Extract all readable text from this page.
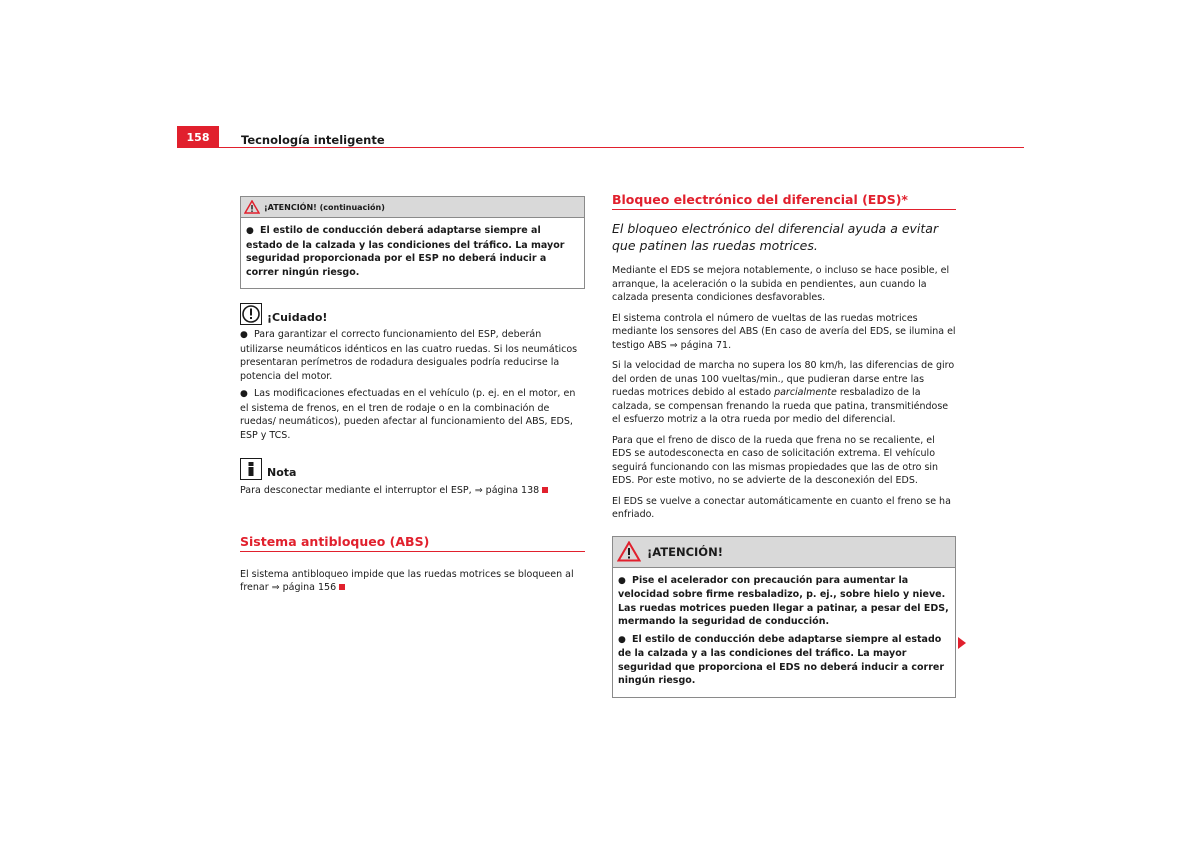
158	Tecnología inteligente
¡ATENCIÓN! (continuación)
● El estilo de conducción deberá adaptarse siempre al estado de la calzada y las condiciones del tráfico. La mayor seguridad proporcionada por el ESP no deberá inducir a correr ningún riesgo.
¡Cuidado!
● Para garantizar el correcto funcionamiento del ESP, deberán utilizarse neumáticos idénticos en las cuatro ruedas. Si los neumáticos presentaran perímetros de rodadura desiguales podría reducirse la potencia del motor.
● Las modificaciones efectuadas en el vehículo (p. ej. en el motor, en el sistema de frenos, en el tren de rodaje o en la combinación de ruedas/ neumáticos), pueden afectar al funcionamiento del ABS, EDS, ESP y TCS.
Nota

Para desconectar mediante el interruptor el ESP, ⇒ página 138

Sistema antibloqueo (ABS)

El sistema antibloqueo impide que las ruedas motrices se bloqueen al frenar ⇒ página 156

Bloqueo electrónico del diferencial (EDS)*

El bloqueo electrónico del diferencial ayuda a evitar que patinen las ruedas motrices.

Mediante el EDS se mejora notablemente, o incluso se hace posible, el arranque, la aceleración o la subida en pendientes, aun cuando la calzada presenta condiciones desfavorables.

El sistema controla el número de vueltas de las ruedas motrices mediante los sensores del ABS (En caso de avería del EDS, se ilumina el testigo ABS ⇒ página 71.

Si la velocidad de marcha no supera los 80 km/h, las diferencias de giro del orden de unas 100 vueltas/min., que pudieran darse entre las ruedas motrices debido al estado parcialmente resbaladizo de la calzada, se compensan frenando la rueda que patina, transmitiéndose el esfuerzo motriz a la otra rueda por medio del diferencial.

Para que el freno de disco de la rueda que frena no se recaliente, el EDS se autodesconecta en caso de solicitación extrema. El vehículo seguirá funcionando con las mismas propiedades que las de otro sin EDS. Por este motivo, no se advierte de la desconexión del EDS.

El EDS se vuelve a conectar automáticamente en cuanto el freno se ha enfriado.

¡ATENCIÓN!
● Pise el acelerador con precaución para aumentar la velocidad sobre firme resbaladizo, p. ej., sobre hielo y nieve. Las ruedas motrices pueden llegar a patinar, a pesar del EDS, mermando la seguridad de conducción.
● El estilo de conducción debe adaptarse siempre al estado de la calzada y a las condiciones del tráfico. La mayor seguridad que proporciona el EDS no deberá inducir a correr ningún riesgo.
